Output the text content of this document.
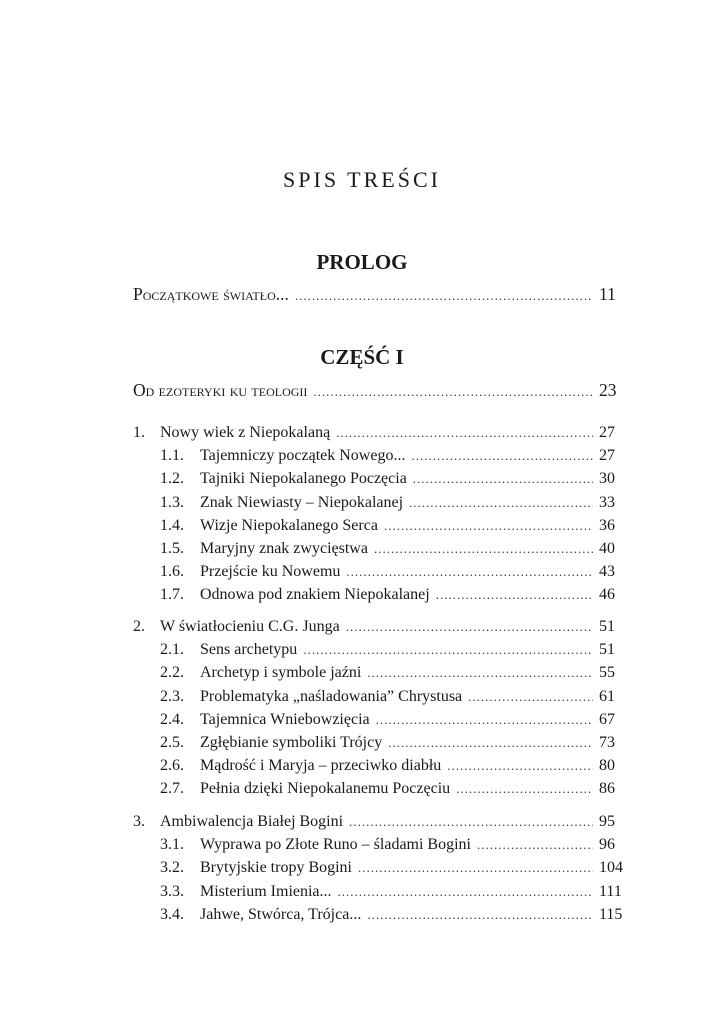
SPIS TREŚCI
PROLOG
Początkowe światło... .....	11
CZĘŚĆ I
Od ezoteryki ku teologii .....	23
1. Nowy wiek z Niepokalaną .....	27
1.1.	Tajemniczy początek Nowego... .....	27
1.2.	Tajniki Niepokalanego Poczęcia .....	30
1.3.	Znak Niewiasty – Niepokalanej .....	33
1.4.	Wizje Niepokalanego Serca .....	36
1.5.	Maryjny znak zwycięstwa .....	40
1.6.	Przejście ku Nowemu .....	43
1.7.	Odnowa pod znakiem Niepokalanej .....	46
2. W światłocieniu C.G. Junga .....	51
2.1.	Sens archetypu .....	51
2.2.	Archetyp i symbole jaźni .....	55
2.3.	Problematyka „naśladowania” Chrystusa .....	61
2.4.	Tajemnica Wniebowzięcia .....	67
2.5.	Zgłębianie symboliki Trójcy .....	73
2.6.	Mądrość i Maryja – przeciwko diabłu .....	80
2.7.	Pełnia dzięki Niepokalanemu Poczęciu .....	86
3. Ambiwalencja Białej Bogini .....	95
3.1.	Wyprawa po Złote Runo – śladami Bogini .....	96
3.2.	Brytyjskie tropy Bogini .....	104
3.3.	Misterium Imienia... .....	111
3.4.	Jahwe, Stwórca, Trójca... .....	115
